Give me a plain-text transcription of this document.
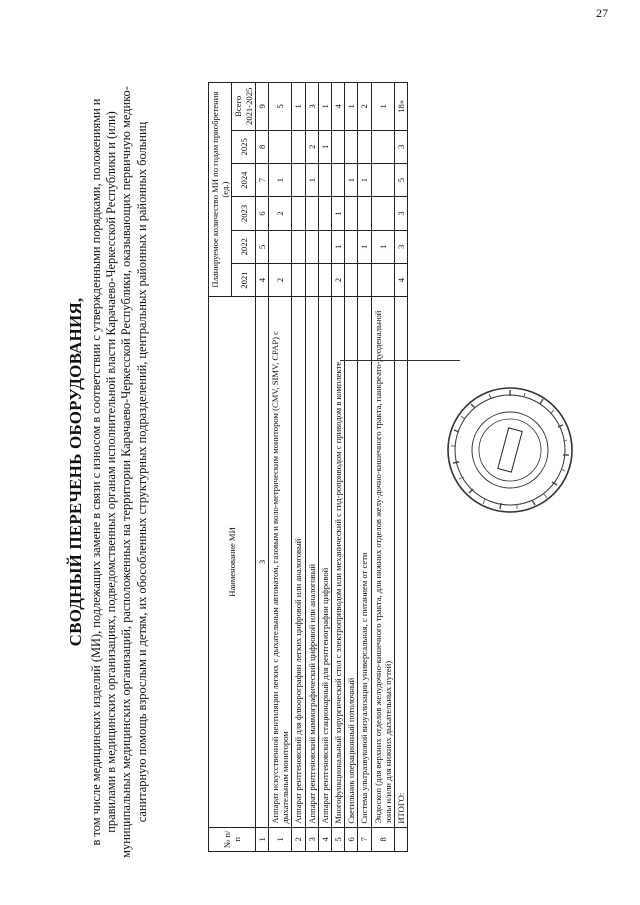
27
СВОДНЫЙ ПЕРЕЧЕНЬ ОБОРУДОВАНИЯ, в том числе медицинских изделий (МИ), подлежащих замене в связи с износом в соответствии с утвержденными порядками, положениями и правилами в медицинских организациях, подведомственных органам исполнительной власти Карачаево-Черкесской Республики и (или) муниципальных медицинских организаций, расположенных на территории Карачаево-Черкесской Республики, оказывающих первичную медико-санитарную помощь взрослым и детям, их обособленных структурных подразделений, центральных районных и районных больниц
№ п/п	Наименование МИ	Планируемое количество МИ по годам приобретения (ед.)					
		2021	2022	2023	2024	2025	Всего 2021-2025
1	3	4	5	6	7	8	9
1	Аппарат искусственной вентиляции легких с дыхательным автоматом, газовым и воло-метрическим монитором (CMV, SIMV, CPAP) с дыхательным монитором	2		2	1		5
2	Аппарат рентгеновский для флюорографии легких цифровой или аналоговый						1
3	Аппарат рентгеновский маммографический цифровой или аналоговый				1	2	3
4	Аппарат рентгеновский стационарный для рентгенографии цифровой					1	1
5	Многофункциональный хирургический стол с электроприводом или механический с гид-роприводом с приводом в комплекте	2	1	1			4
6	Светильник операционный потолочный				1		1
7	Система ультразвуковой визуализации универсальная, с питанием от сети		1		1		2
8	Эндоскоп (для верхних отделов желудочно-кишечного тракта, для нижних отделов желу-дочно-кишечного тракта, панкреато-дуоденальной зоны и/или для нижних дыхательных путей)		1				1
	ИТОГО:	4	3	3	5	3	18»
